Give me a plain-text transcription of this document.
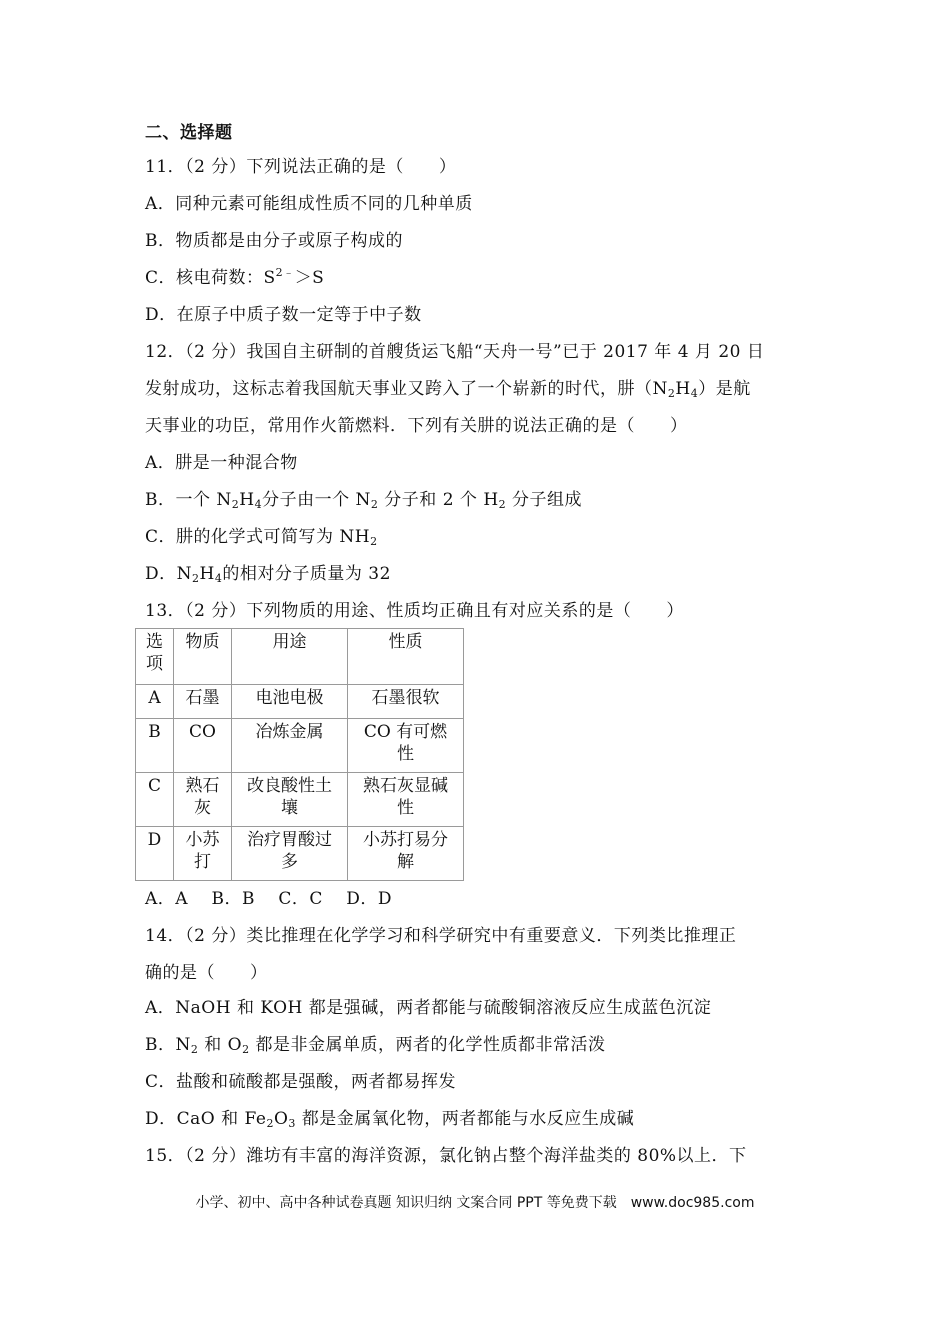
二、选择题
11．（2 分）下列说法正确的是（　　）
A．同种元素可能组成性质不同的几种单质
B．物质都是由分子或原子构成的
C．核电荷数：$S^{2﹣}>S$
D．在原子中质子数一定等于中子数
12．（2 分）我国自主研制的首艘货运飞船“天舟一号”已于 2017 年 4 月 20 日
发射成功，这标志着我国航天事业又跨入了一个崭新的时代，肼$(N_2H_4)$是航
天事业的功臣，常用作火箭燃料．下列有关肼的说法正确的是（　　）
A．肼是一种混合物
B．一个 $N_2H_4$分子由一个 $N_2$ 分子和 2 个 $H_2$ 分子组成
C．肼的化学式可简写为 $NH_2$
D．$N_2H_4$的相对分子质量为 32
13．（2 分）下列物质的用途、性质均正确且有对应关系的是（　　）
选
项	物质	用途	性质
A	石墨	电池电极	石墨很软
B	CO	冶炼金属	CO 有可燃
性
C	熟石
灰	改良酸性土
壤	熟石灰显碱
性
D	小苏
打	治疗胃酸过
多	小苏打易分
解
A．A　 B．B　 C．C　 D．D
14．（2 分）类比推理在化学学习和科学研究中有重要意义．下列类比推理正
确的是（　　）
A．NaOH 和 KOH 都是强碱，两者都能与硫酸铜溶液反应生成蓝色沉淀
B．$N_2$ 和 $O_2$ 都是非金属单质，两者的化学性质都非常活泼
C．盐酸和硫酸都是强酸，两者都易挥发
D．CaO 和 $Fe_2O_3$ 都是金属氧化物，两者都能与水反应生成碱
15．（2 分）潍坊有丰富的海洋资源，氯化钠占整个海洋盐类的 80%以上．下
小学、初中、高中各种试卷真题 知识归纳 文案合同 PPT 等免费下载　www.doc985.com
